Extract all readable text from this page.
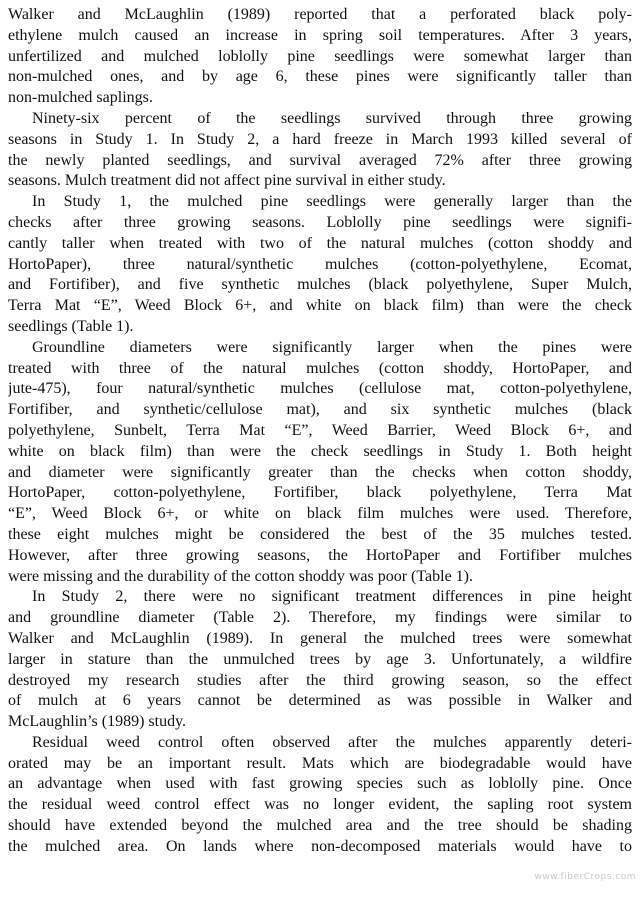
Walker and McLaughlin (1989) reported that a perforated black poly-
ethylene mulch caused an increase in spring soil temperatures. After 3 years,
unfertilized and mulched loblolly pine seedlings were somewhat larger than
non-mulched ones, and by age 6, these pines were significantly taller than
non-mulched saplings.
Ninety-six percent of the seedlings survived through three growing
seasons in Study 1. In Study 2, a hard freeze in March 1993 killed several of
the newly planted seedlings, and survival averaged 72% after three growing
seasons. Mulch treatment did not affect pine survival in either study.
In Study 1, the mulched pine seedlings were generally larger than the
checks after three growing seasons. Loblolly pine seedlings were signifi-
cantly taller when treated with two of the natural mulches (cotton shoddy and
HortoPaper), three natural/synthetic mulches (cotton-polyethylene, Ecomat,
and Fortifiber), and five synthetic mulches (black polyethylene, Super Mulch,
Terra Mat “E”, Weed Block 6+, and white on black film) than were the check
seedlings (Table 1).
Groundline diameters were significantly larger when the pines were
treated with three of the natural mulches (cotton shoddy, HortoPaper, and
jute-475), four natural/synthetic mulches (cellulose mat, cotton-polyethylene,
Fortifiber, and synthetic/cellulose mat), and six synthetic mulches (black
polyethylene, Sunbelt, Terra Mat “E”, Weed Barrier, Weed Block 6+, and
white on black film) than were the check seedlings in Study 1. Both height
and diameter were significantly greater than the checks when cotton shoddy,
HortoPaper, cotton-polyethylene, Fortifiber, black polyethylene, Terra Mat
“E”, Weed Block 6+, or white on black film mulches were used. Therefore,
these eight mulches might be considered the best of the 35 mulches tested.
However, after three growing seasons, the HortoPaper and Fortifiber mulches
were missing and the durability of the cotton shoddy was poor (Table 1).
In Study 2, there were no significant treatment differences in pine height
and groundline diameter (Table 2). Therefore, my findings were similar to
Walker and McLaughlin (1989). In general the mulched trees were somewhat
larger in stature than the unmulched trees by age 3. Unfortunately, a wildfire
destroyed my research studies after the third growing season, so the effect
of mulch at 6 years cannot be determined as was possible in Walker and
McLaughlin’s (1989) study.
Residual weed control often observed after the mulches apparently deteri-
orated may be an important result. Mats which are biodegradable would have
an advantage when used with fast growing species such as loblolly pine. Once
the residual weed control effect was no longer evident, the sapling root system
should have extended beyond the mulched area and the tree should be shading
the mulched area. On lands where non-decomposed materials would have to
www.fiberCrops.com
